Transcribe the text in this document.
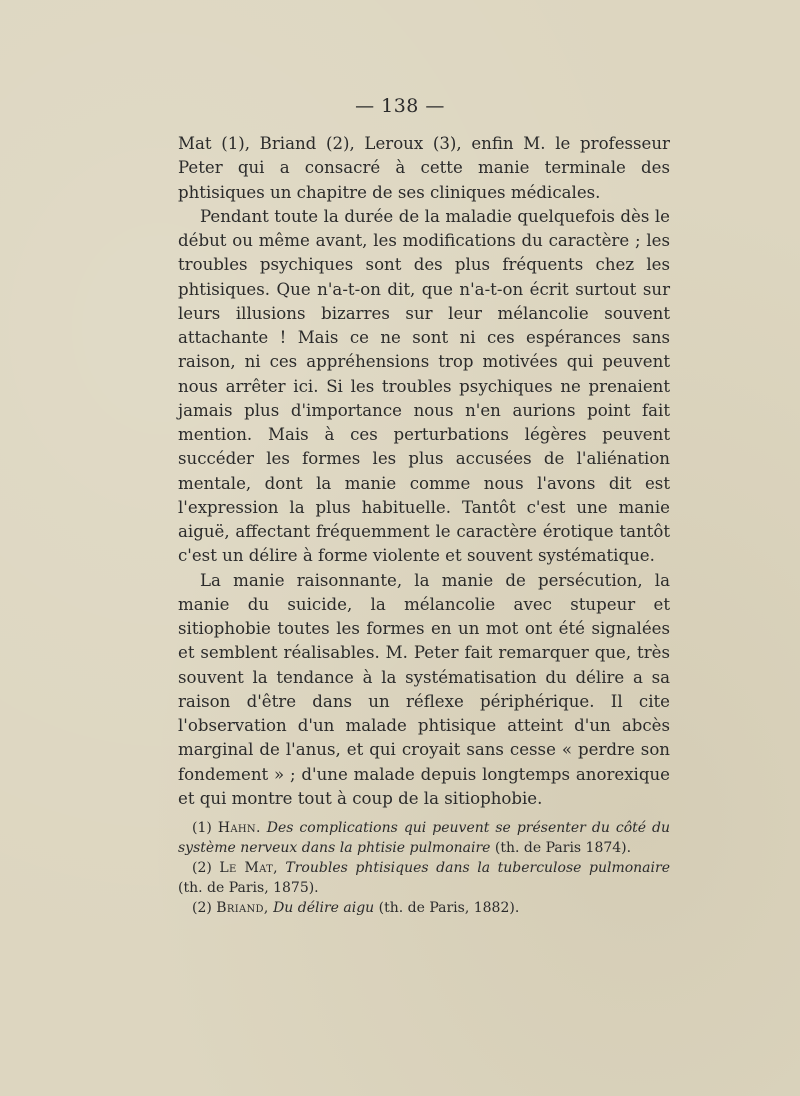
— 138 —

Mat (1), Briand (2), Leroux (3), enfin M. le professeur Peter qui a consacré à cette manie terminale des phtisiques un chapitre de ses cliniques médicales.

Pendant toute la durée de la maladie quelquefois dès le début ou même avant, les modifications du caractère ; les troubles psychiques sont des plus fréquents chez les phtisiques. Que n'a-t-on dit, que n'a-t-on écrit surtout sur leurs illusions bizarres sur leur mélancolie souvent attachante ! Mais ce ne sont ni ces espérances sans raison, ni ces appréhensions trop motivées qui peuvent nous arrêter ici. Si les troubles psychiques ne prenaient jamais plus d'importance nous n'en aurions point fait mention. Mais à ces perturbations légères peuvent succéder les formes les plus accusées de l'aliénation mentale, dont la manie comme nous l'avons dit est l'expression la plus habituelle. Tantôt c'est une manie aiguë, affectant fréquemment le caractère érotique tantôt c'est un délire à forme violente et souvent systématique.

La manie raisonnante, la manie de persécution, la manie du suicide, la mélancolie avec stupeur et sitiophobie toutes les formes en un mot ont été signalées et semblent réalisables. M. Peter fait remarquer que, très souvent la tendance à la systématisation du délire a sa raison d'être dans un réflexe périphérique. Il cite l'observation d'un malade phtisique atteint d'un abcès marginal de l'anus, et qui croyait sans cesse « perdre son fondement » ; d'une malade depuis longtemps anorexique et qui montre tout à coup de la sitiophobie.

(1) Hahn. Des complications qui peuvent se présenter du côté du système nerveux dans la phtisie pulmonaire (th. de Paris 1874).

(2) Le Mat, Troubles phtisiques dans la tuberculose pulmonaire (th. de Paris, 1875).

(2) Briand, Du délire aigu (th. de Paris, 1882).
